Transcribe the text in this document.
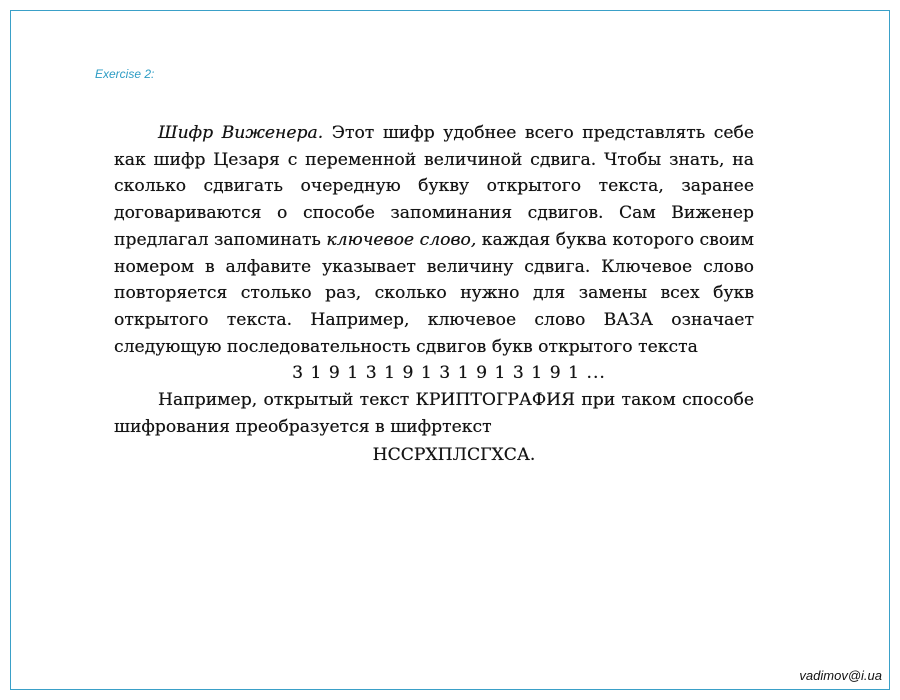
Exercise 2:

Шифр Виженера. Этот шифр удобнее всего представлять себе как шифр Цезаря с переменной величиной сдвига. Чтобы знать, на сколько сдвигать очередную букву открытого текста, заранее договариваются о способе запоминания сдвигов. Сам Виженер предлагал запоминать ключевое слово, каждая буква которого своим номером в алфавите указывает величину сдвига. Ключевое слово повторяется столько раз, сколько нужно для замены всех букв открытого текста. Например, ключевое слово ВАЗА означает следующую последовательность сдвигов букв открытого текста

3 1 9 1 3 1 9 1 3 1 9 1 3 1 9 1 ...

Например, открытый текст КРИПТОГРАФИЯ при таком способе шифрования преобразуется в шифртекст

НССРХПЛСГХСА.
vadimov@i.ua
